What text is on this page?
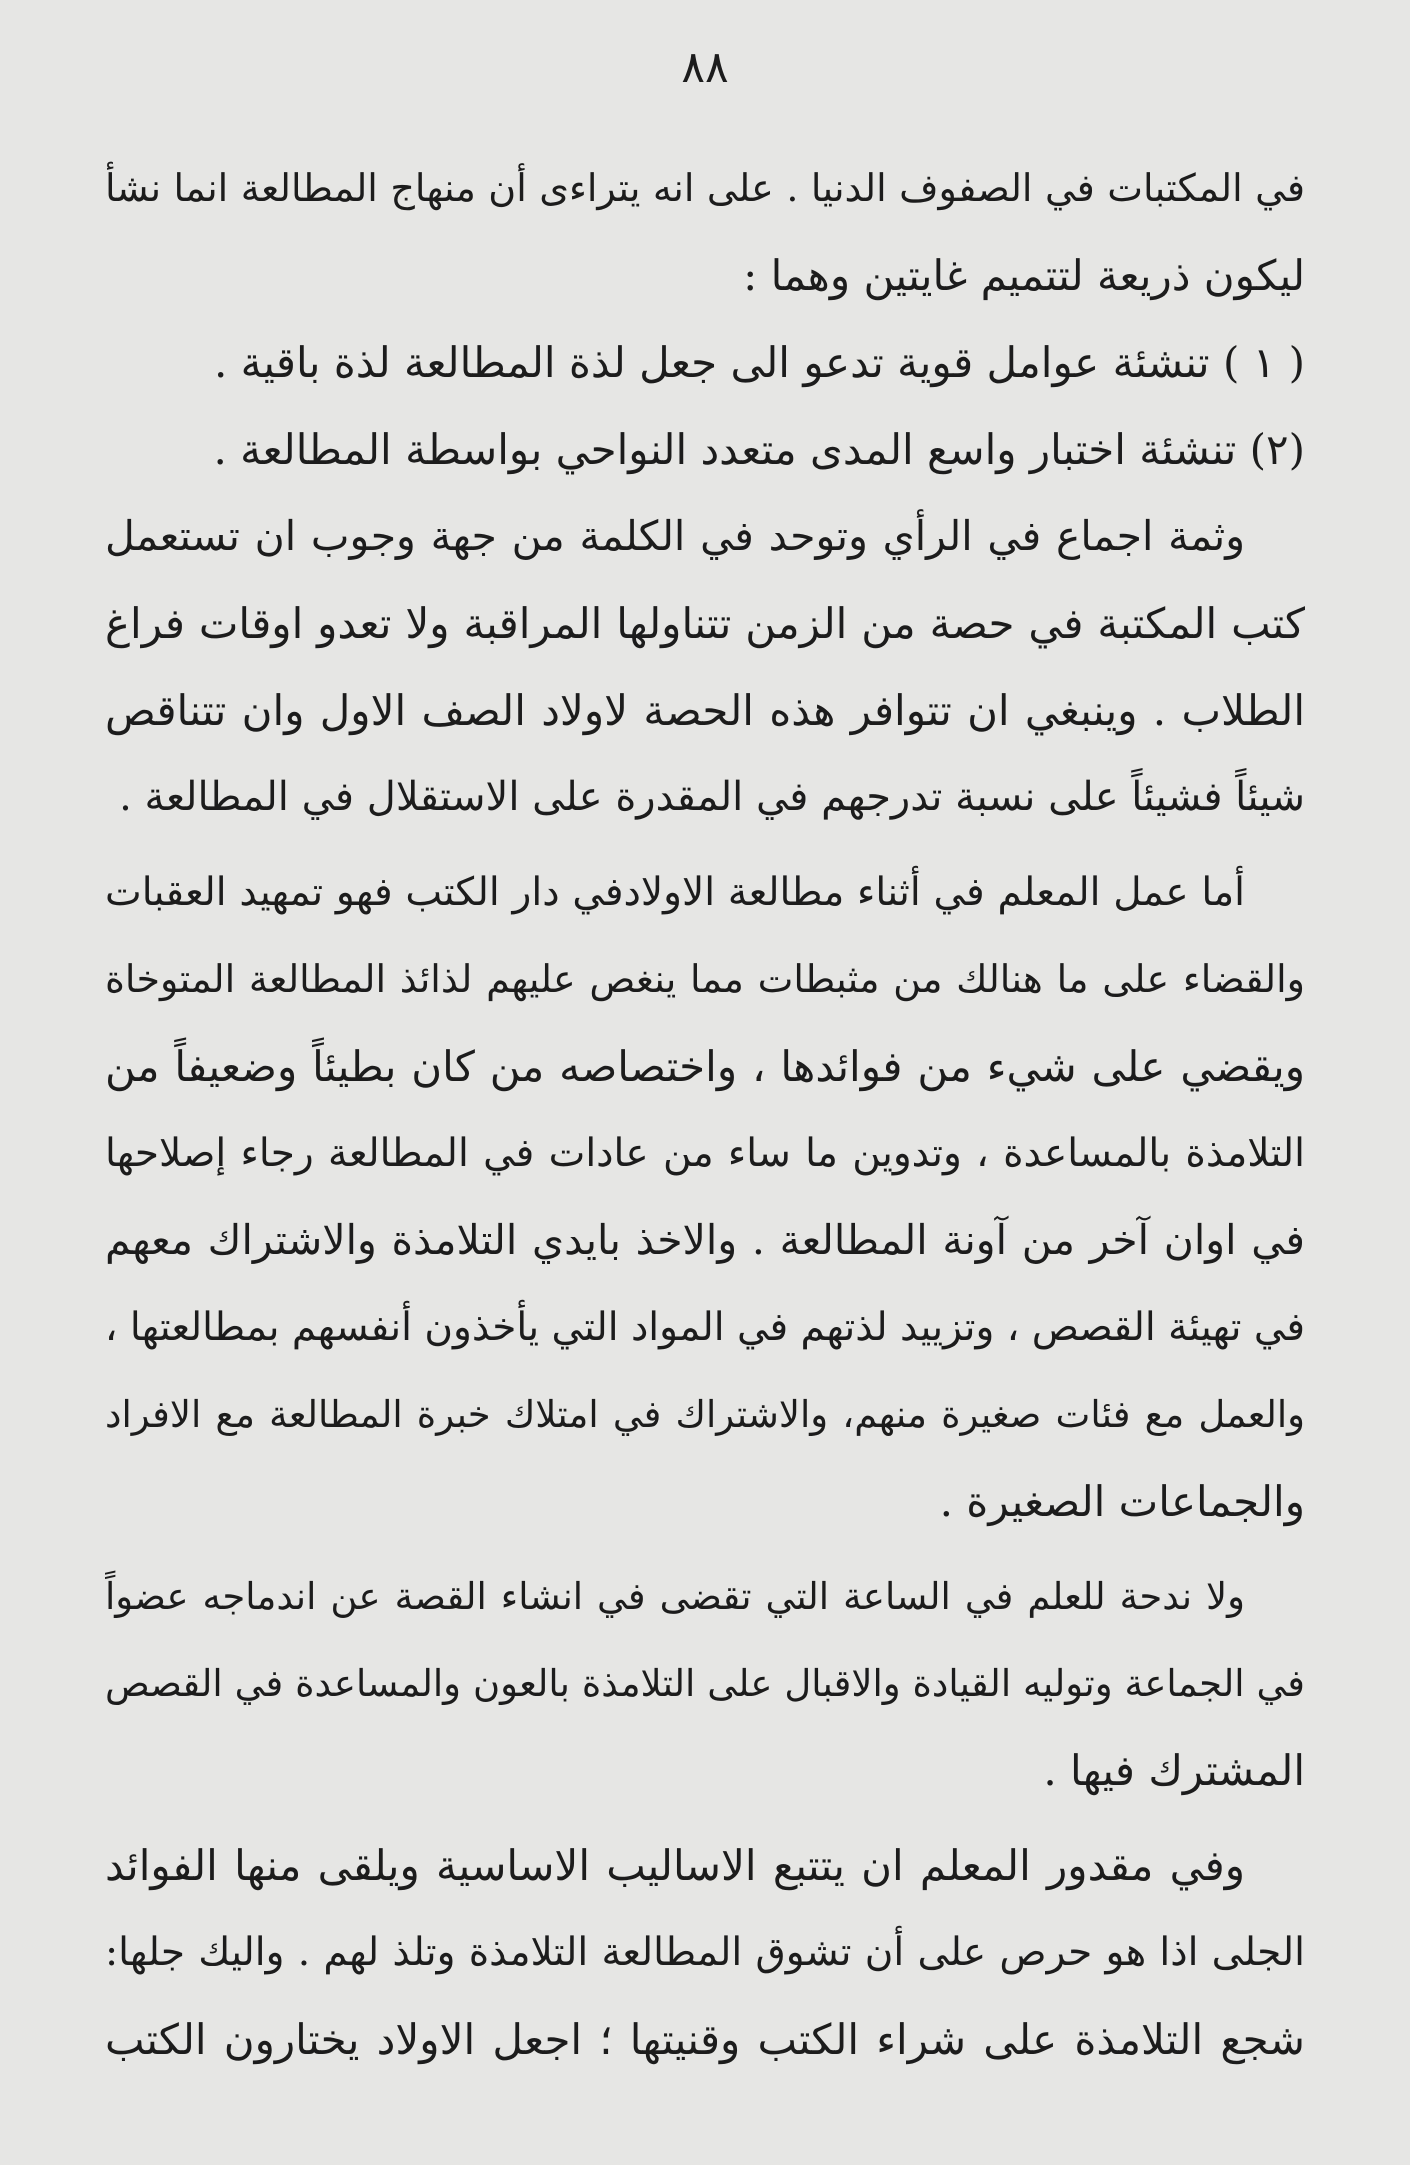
٨٨
في المكتبات في الصفوف الدنيا . على انه يتراءى أن منهاج المطالعة انما نشأ
ليكون ذريعة لتتميم غايتين وهما :
( ١ ) تنشئة عوامل قوية تدعو الى جعل لذة المطالعة لذة باقية .
(٢) تنشئة اختبار واسع المدى متعدد النواحي بواسطة المطالعة .
وثمة اجماع في الرأي وتوحد في الكلمة من جهة وجوب ان تستعمل
كتب المكتبة في حصة من الزمن تتناولها المراقبة ولا تعدو اوقات فراغ
الطلاب . وينبغي ان تتوافر هذه الحصة لاولاد الصف الاول وان تتناقص
شيئاً فشيئاً على نسبة تدرجهم في المقدرة على الاستقلال في المطالعة .
أما عمل المعلم في أثناء مطالعة الاولادفي دار الكتب فهو تمهيد العقبات
والقضاء على ما هنالك من مثبطات مما ينغص عليهم لذائذ المطالعة المتوخاة
ويقضي على شيء من فوائدها ، واختصاصه من كان بطيئاً وضعيفاً من
التلامذة بالمساعدة ، وتدوين ما ساء من عادات في المطالعة رجاء إصلاحها
في اوان آخر من آونة المطالعة . والاخذ بايدي التلامذة والاشتراك معهم
في تهيئة القصص ، وتزييد لذتهم في المواد التي يأخذون أنفسهم بمطالعتها ،
والعمل مع فئات صغيرة منهم، والاشتراك في امتلاك خبرة المطالعة مع الافراد
والجماعات الصغيرة .
ولا ندحة للعلم في الساعة التي تقضى في انشاء القصة عن اندماجه عضواً
في الجماعة وتوليه القيادة والاقبال على التلامذة بالعون والمساعدة في القصص
المشترك فيها .
وفي مقدور المعلم ان يتتبع الاساليب الاساسية ويلقى منها الفوائد
الجلى اذا هو حرص على أن تشوق المطالعة التلامذة وتلذ لهم . واليك جلها:
شجع التلامذة على شراء الكتب وقنيتها ؛ اجعل الاولاد يختارون الكتب
